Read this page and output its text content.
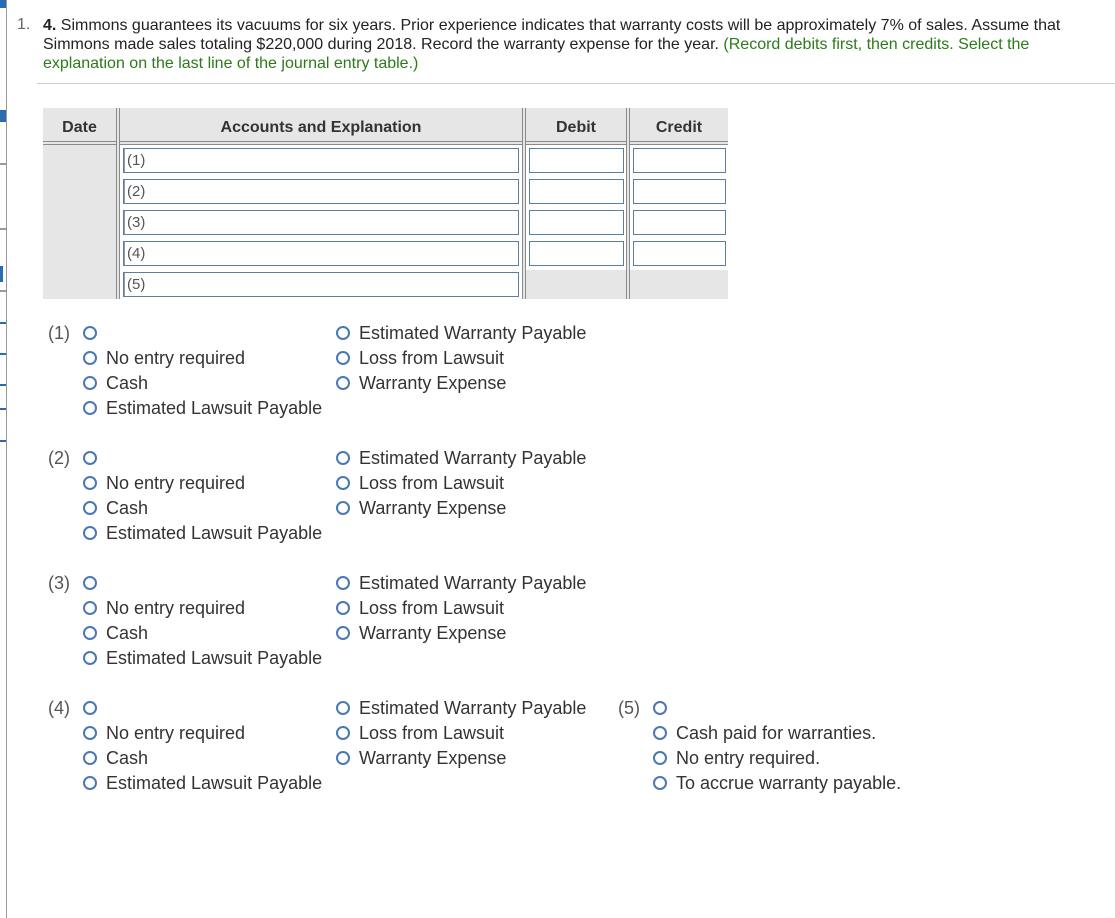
1. 4. Simmons guarantees its vacuums for six years. Prior experience indicates that warranty costs will be approximately 7% of sales. Assume that Simmons made sales totaling $220,000 during 2018. Record the warranty expense for the year. (Record debits first, then credits. Select the explanation on the last line of the journal entry table.)
Date	Accounts and Explanation	Debit	Credit
(1)
(2)
(3)
(4)
(5)
(1)	Estimated Warranty Payable
No entry required	Loss from Lawsuit
Cash	Warranty Expense
Estimated Lawsuit Payable
(2)	Estimated Warranty Payable
No entry required	Loss from Lawsuit
Cash	Warranty Expense
Estimated Lawsuit Payable
(3)	Estimated Warranty Payable
No entry required	Loss from Lawsuit
Cash	Warranty Expense
Estimated Lawsuit Payable
(4)	Estimated Warranty Payable
No entry required	Loss from Lawsuit
Cash	Warranty Expense
Estimated Lawsuit Payable
(5)
Cash paid for warranties.
No entry required.
To accrue warranty payable.
